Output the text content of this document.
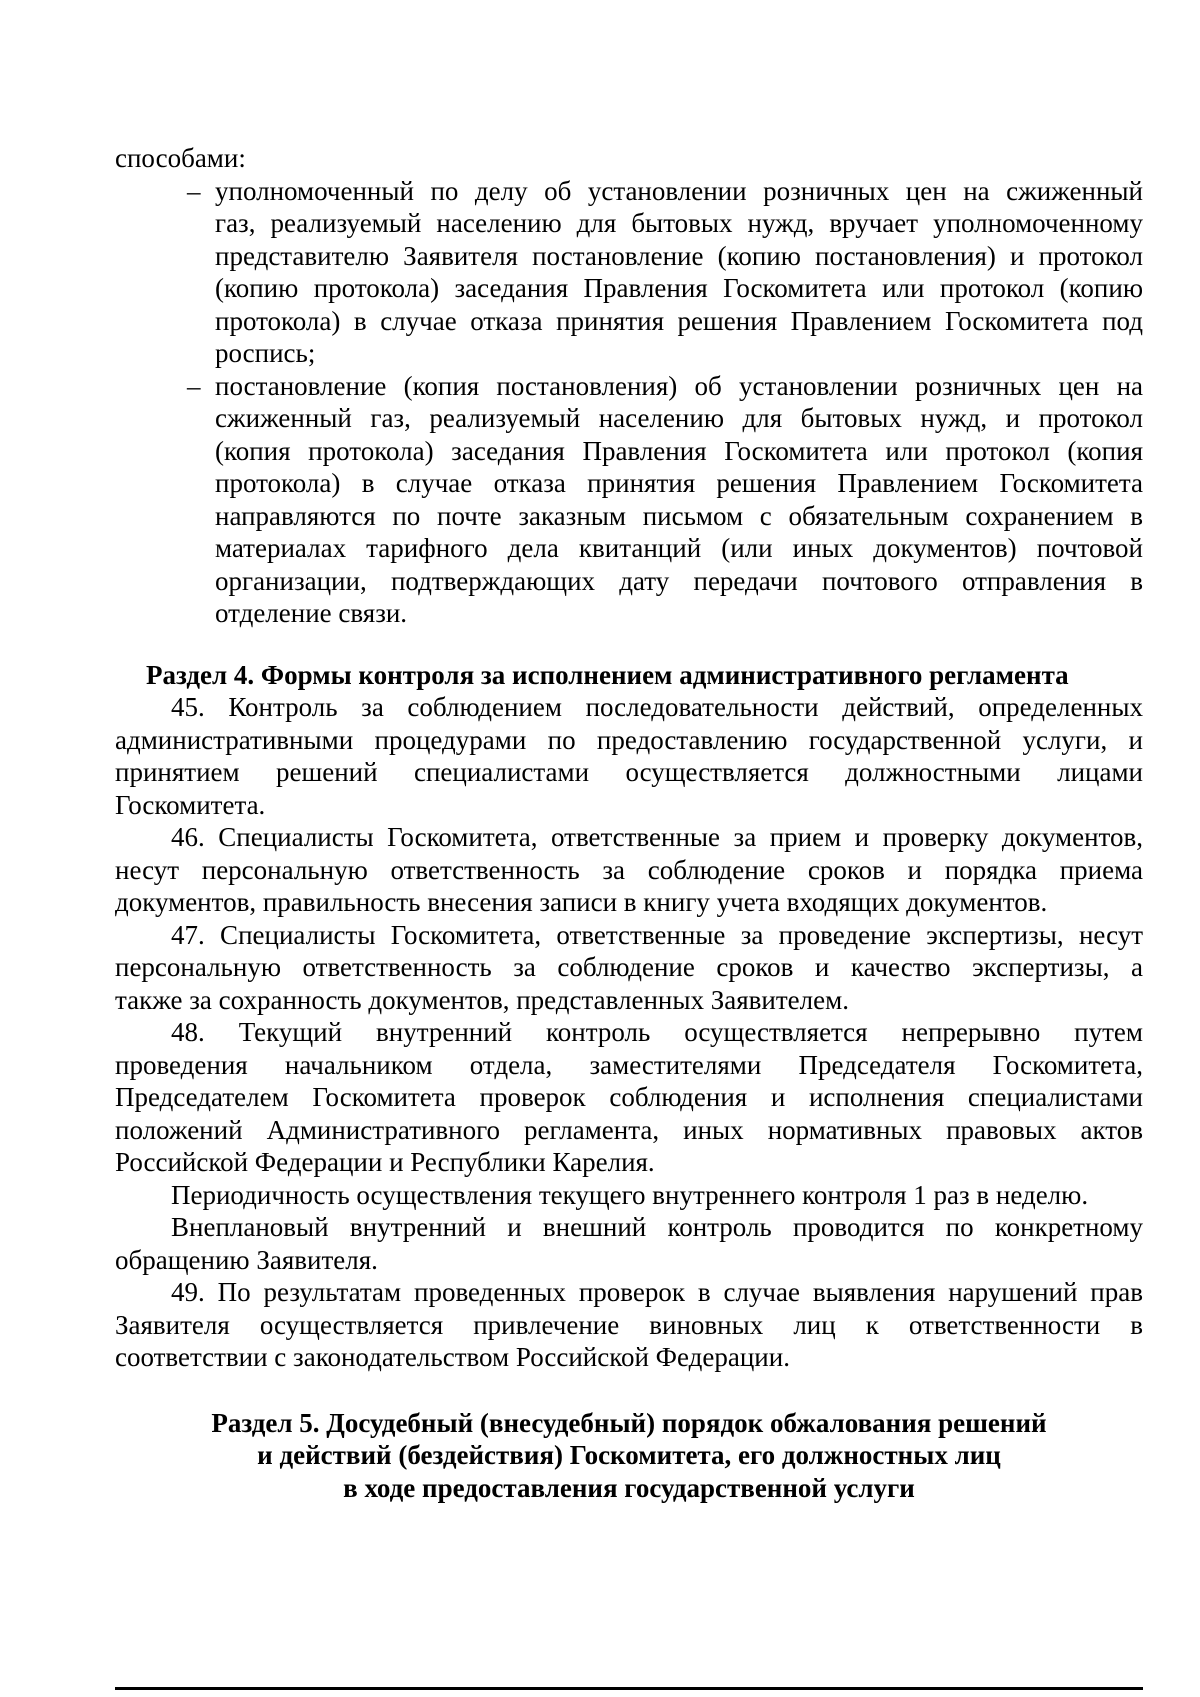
способами:
– уполномоченный по делу об установлении розничных цен на сжиженный
газ, реализуемый населению для бытовых нужд, вручает уполномоченному
представителю Заявителя постановление (копию постановления) и протокол
(копию протокола) заседания Правления Госкомитета или протокол (копию
протокола) в случае отказа принятия решения Правлением Госкомитета под
роспись;
– постановление (копия постановления) об установлении розничных цен на
сжиженный газ, реализуемый населению для бытовых нужд, и протокол
(копия протокола) заседания Правления Госкомитета или протокол (копия
протокола) в случае отказа принятия решения Правлением Госкомитета
направляются по почте заказным письмом с обязательным сохранением в
материалах тарифного дела квитанций (или иных документов) почтовой
организации, подтверждающих дату передачи почтового отправления в
отделение связи.
Раздел 4. Формы контроля за исполнением административного регламента
45. Контроль за соблюдением последовательности действий, определенных
административными процедурами по предоставлению государственной услуги, и
принятием решений специалистами осуществляется должностными лицами
Госкомитета.
46. Специалисты Госкомитета, ответственные за прием и проверку документов,
несут персональную ответственность за соблюдение сроков и порядка приема
документов, правильность внесения записи в книгу учета входящих документов.
47. Специалисты Госкомитета, ответственные за проведение экспертизы, несут
персональную ответственность за соблюдение сроков и качество экспертизы, а
также за сохранность документов, представленных Заявителем.
48. Текущий внутренний контроль осуществляется непрерывно путем
проведения начальником отдела, заместителями Председателя Госкомитета,
Председателем Госкомитета проверок соблюдения и исполнения специалистами
положений Административного регламента, иных нормативных правовых актов
Российской Федерации и Республики Карелия.
Периодичность осуществления текущего внутреннего контроля 1 раз в неделю.
Внеплановый внутренний и внешний контроль проводится по конкретному
обращению Заявителя.
49. По результатам проведенных проверок в случае выявления нарушений прав
Заявителя осуществляется привлечение виновных лиц к ответственности в
соответствии с законодательством Российской Федерации.
Раздел 5. Досудебный (внесудебный) порядок обжалования решений
и действий (бездействия) Госкомитета, его должностных лиц
в ходе предоставления государственной услуги
